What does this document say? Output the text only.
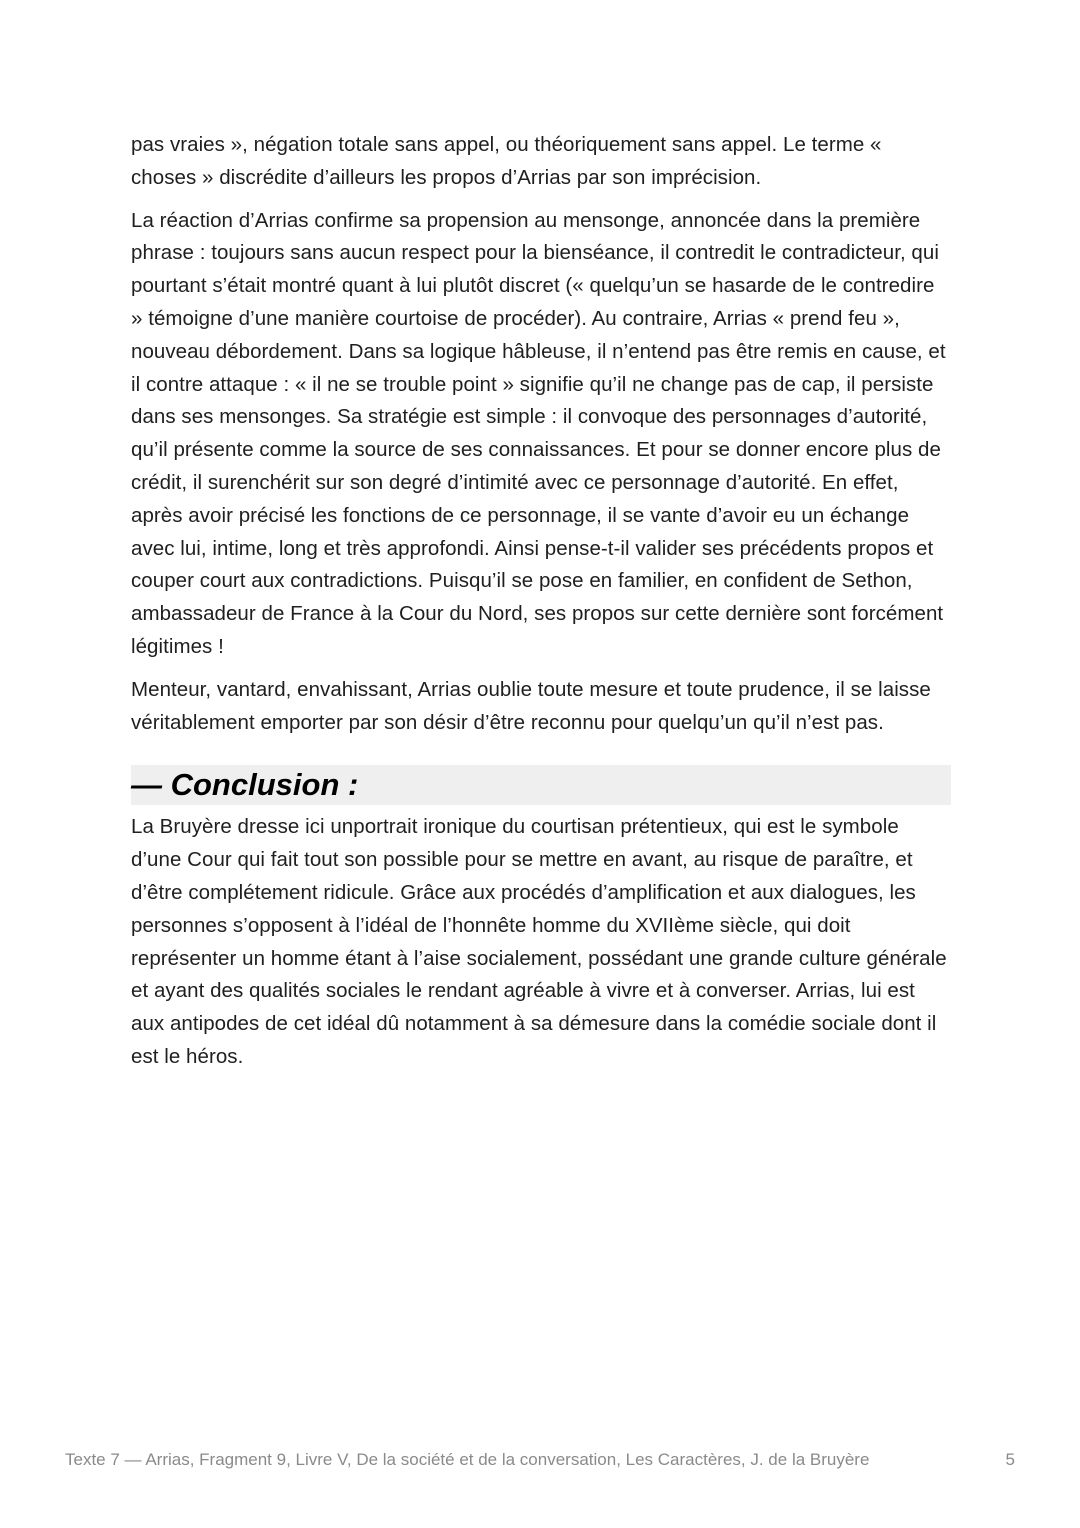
pas vraies », négation totale sans appel, ou théoriquement sans appel. Le terme « choses » discrédite d’ailleurs les propos d’Arrias par son imprécision.

La réaction d’Arrias confirme sa propension au mensonge, annoncée dans la première phrase : toujours sans aucun respect pour la bienséance, il contredit le contradicteur, qui pourtant s’était montré quant à lui plutôt discret (« quelqu’un se hasarde de le contredire » témoigne d’une manière courtoise de procéder). Au contraire, Arrias « prend feu », nouveau débordement. Dans sa logique hâbleuse, il n’entend pas être remis en cause, et il contre attaque : « il ne se trouble point » signifie qu’il ne change pas de cap, il persiste dans ses mensonges. Sa stratégie est simple : il convoque des personnages d’autorité, qu’il présente comme la source de ses connaissances. Et pour se donner encore plus de crédit, il surenchérit sur son degré d’intimité avec ce personnage d’autorité. En effet, après avoir précisé les fonctions de ce personnage, il se vante d’avoir eu un échange avec lui, intime, long et très approfondi. Ainsi pense-t-il valider ses précédents propos et couper court aux contradictions. Puisqu’il se pose en familier, en confident de Sethon, ambassadeur de France à la Cour du Nord, ses propos sur cette dernière sont forcément légitimes !

Menteur, vantard, envahissant, Arrias oublie toute mesure et toute prudence, il se laisse véritablement emporter par son désir d’être reconnu pour quelqu’un qu’il n’est pas.

— Conclusion :

La Bruyère dresse ici unportrait ironique du courtisan prétentieux, qui est le symbole d’une Cour qui fait tout son possible pour se mettre en avant, au risque de paraître, et d’être complétement ridicule. Grâce aux procédés d’amplification et aux dialogues, les personnes s’opposent à l’idéal de l’honnête homme du XVIIème siècle, qui doit représenter un homme étant à l’aise socialement, possédant une grande culture générale et ayant des qualités sociales le rendant agréable à vivre et à converser. Arrias, lui est aux antipodes de cet idéal dû notamment à sa démesure dans la comédie sociale dont il est le héros.

Texte 7 — Arrias, Fragment 9, Livre V, De la société et de la conversation, Les Caractères, J. de la Bruyère	5
